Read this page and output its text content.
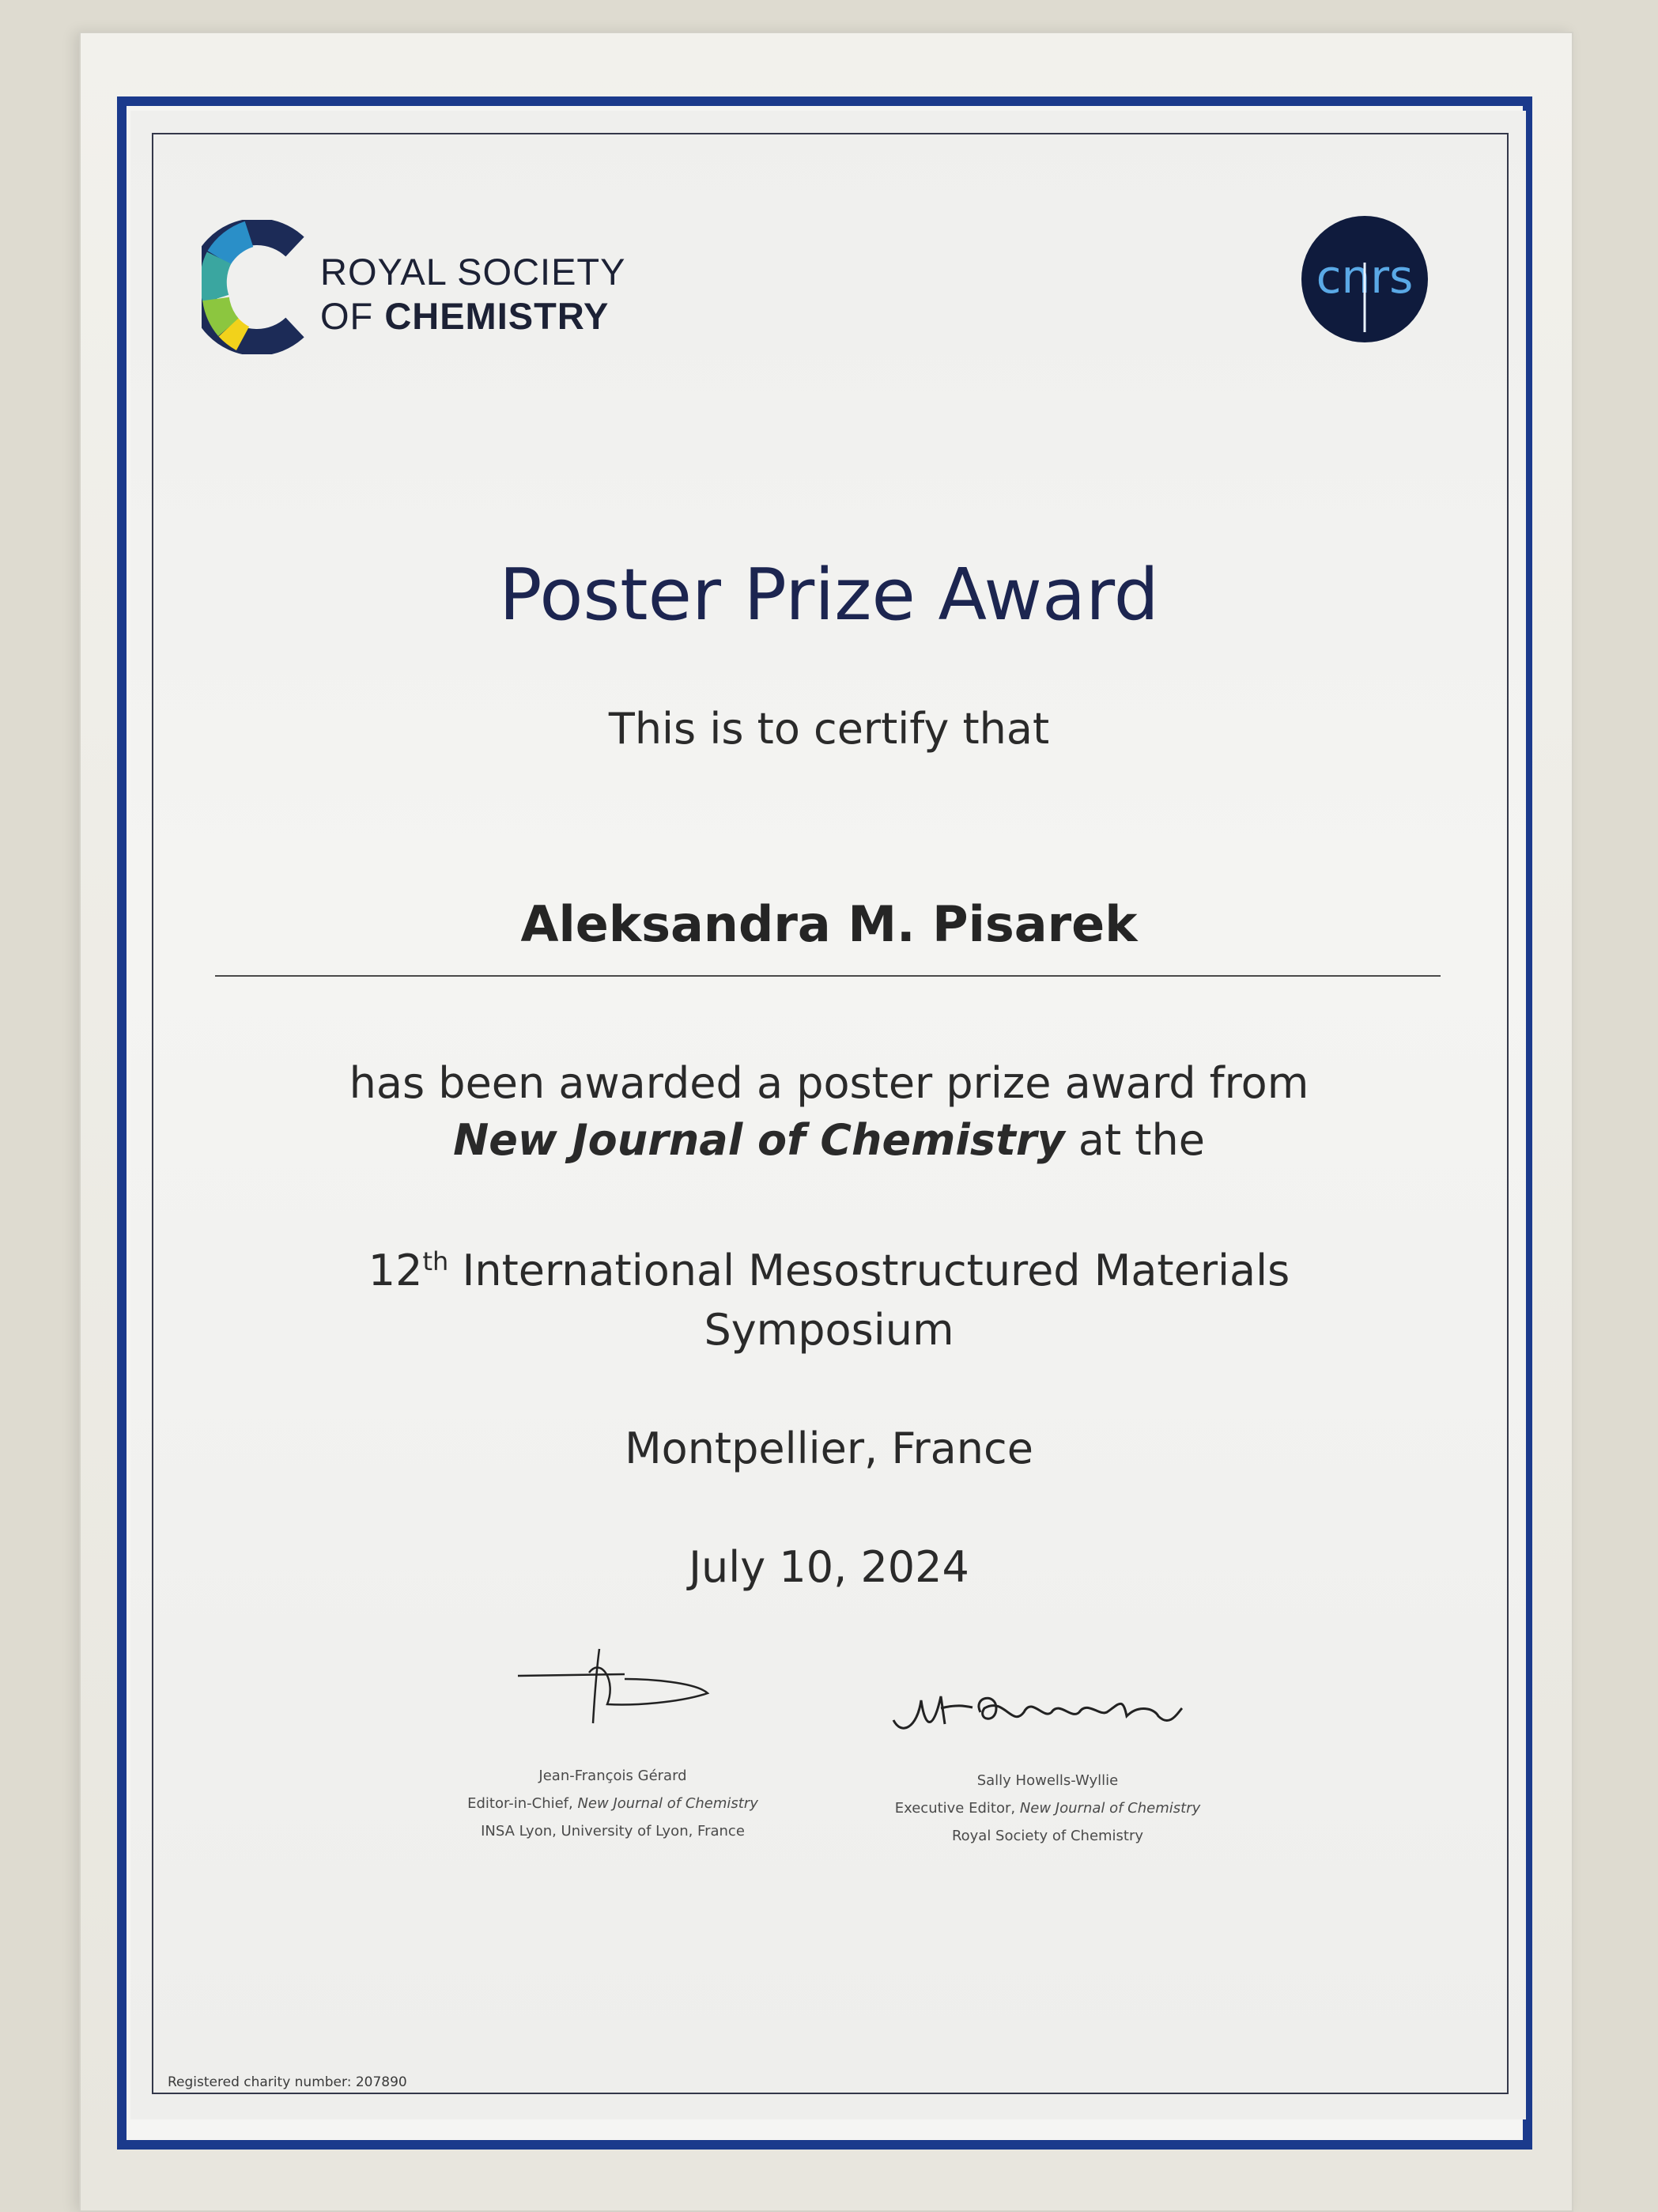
ROYAL SOCIETY
OF CHEMISTRY
cnrs
Poster Prize Award
This is to certify that
Aleksandra M. Pisarek
has been awarded a poster prize award from
New Journal of Chemistry at the
12th International Mesostructured Materials
Symposium
Montpellier, France
July 10, 2024
Jean-François Gérard
Editor-in-Chief, New Journal of Chemistry
INSA Lyon, University of Lyon, France
Sally Howells-Wyllie
Executive Editor, New Journal of Chemistry
Royal Society of Chemistry
Registered charity number: 207890
